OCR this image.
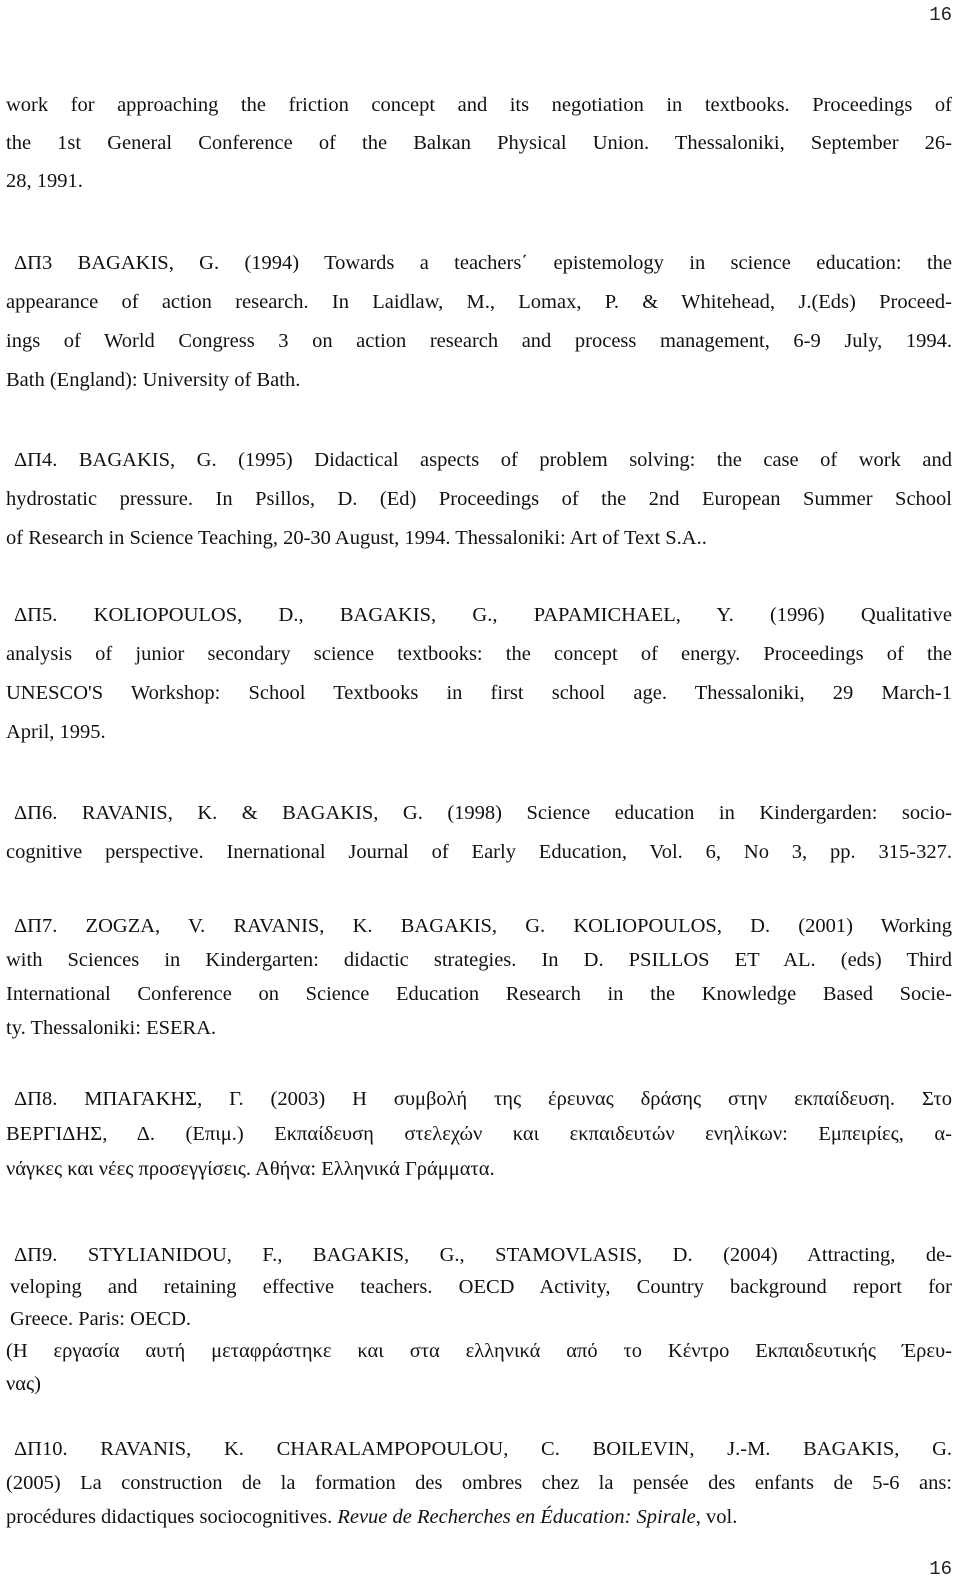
16
work for approaching the friction concept and its negotiation in textbooks. Proceedings of
the 1st General Conference of the Balкan Physical Union. Thessaloniki, September 26-
28, 1991.
ΔΠ3 BAGAKIS, G. (1994) Towards a teachers΄ epistemology in science education: the
appearance of action research. In Laidlaw, M., Lomax, P. & Whitehead, J.(Eds) Proceed-
ings of World Congress 3 on action research and process management, 6-9 July, 1994.
Bath (England): University of Bath.
ΔΠ4. BAGAKIS, G. (1995) Didactical aspects of problem solving: the case of work and
hydrostatic pressure. In Psillos, D. (Ed) Proceedings of the 2nd European Summer School
of Research in Science Teaching, 20-30 August, 1994. Thessaloniki: Art of Text S.A..
ΔΠ5. KOLIOPOULOS, D., BAGAKIS, G., PAPAMICHAEL, Y. (1996) Qualitative
analysis of junior secondary science textbooks: the concept of energy. Proceedings of the
UNESCO'S Workshop: School Textbooks in first school age. Thessaloniki, 29 March-1
April, 1995.
ΔΠ6. RAVANIS, K. & BAGAKIS, G. (1998) Science education in Kindergarden: socio-
cognitive perspective. Inernational Journal of Early Education, Vol. 6, No 3, pp. 315-327.
ΔΠ7. ZOGZA, V. RAVANIS, K. BAGAKIS, G. KOLIOPOULOS, D. (2001) Working
with Sciences in Kindergarten: didactic strategies. In D. PSILLOS ET AL. (eds) Third
International Conference on Science Education Research in the Knowledge Based Socie-
ty. Thessaloniki: ESERA.
ΔΠ8. ΜΠΑΓΑΚΗΣ, Γ. (2003) Η συμβολή της έρευνας δράσης στην εκπαίδευση. Στο
ΒΕΡΓΙΔΗΣ, Δ. (Επιμ.) Εκπαίδευση στελεχών και εκπαιδευτών ενηλίκων: Εμπειρίες, α-
νάγκες και νέες προσεγγίσεις. Αθήνα: Ελληνικά Γράμματα.
ΔΠ9. STYLIANIDOU, F., BAGAKIS, G., STAMOVLASIS, D. (2004) Attracting, de-
veloping and retaining effective teachers. OECD Activity, Country background report for
Greece. Paris: OECD.
(Η εργασία αυτή μεταφράστηκε και στα ελληνικά από το Κέντρο Εκπαιδευτικής Έρευ-
νας)
ΔΠ10. RAVANIS, K. CHARALAMPOPOULOU, C. BOILEVIN, J.-M. BAGAKIS, G.
(2005) La construction de la formation des ombres chez la pensée des enfants de 5-6 ans:
procédures didactiques sociocognitives. Revue de Recherches en Éducation: Spirale, vol.
16
